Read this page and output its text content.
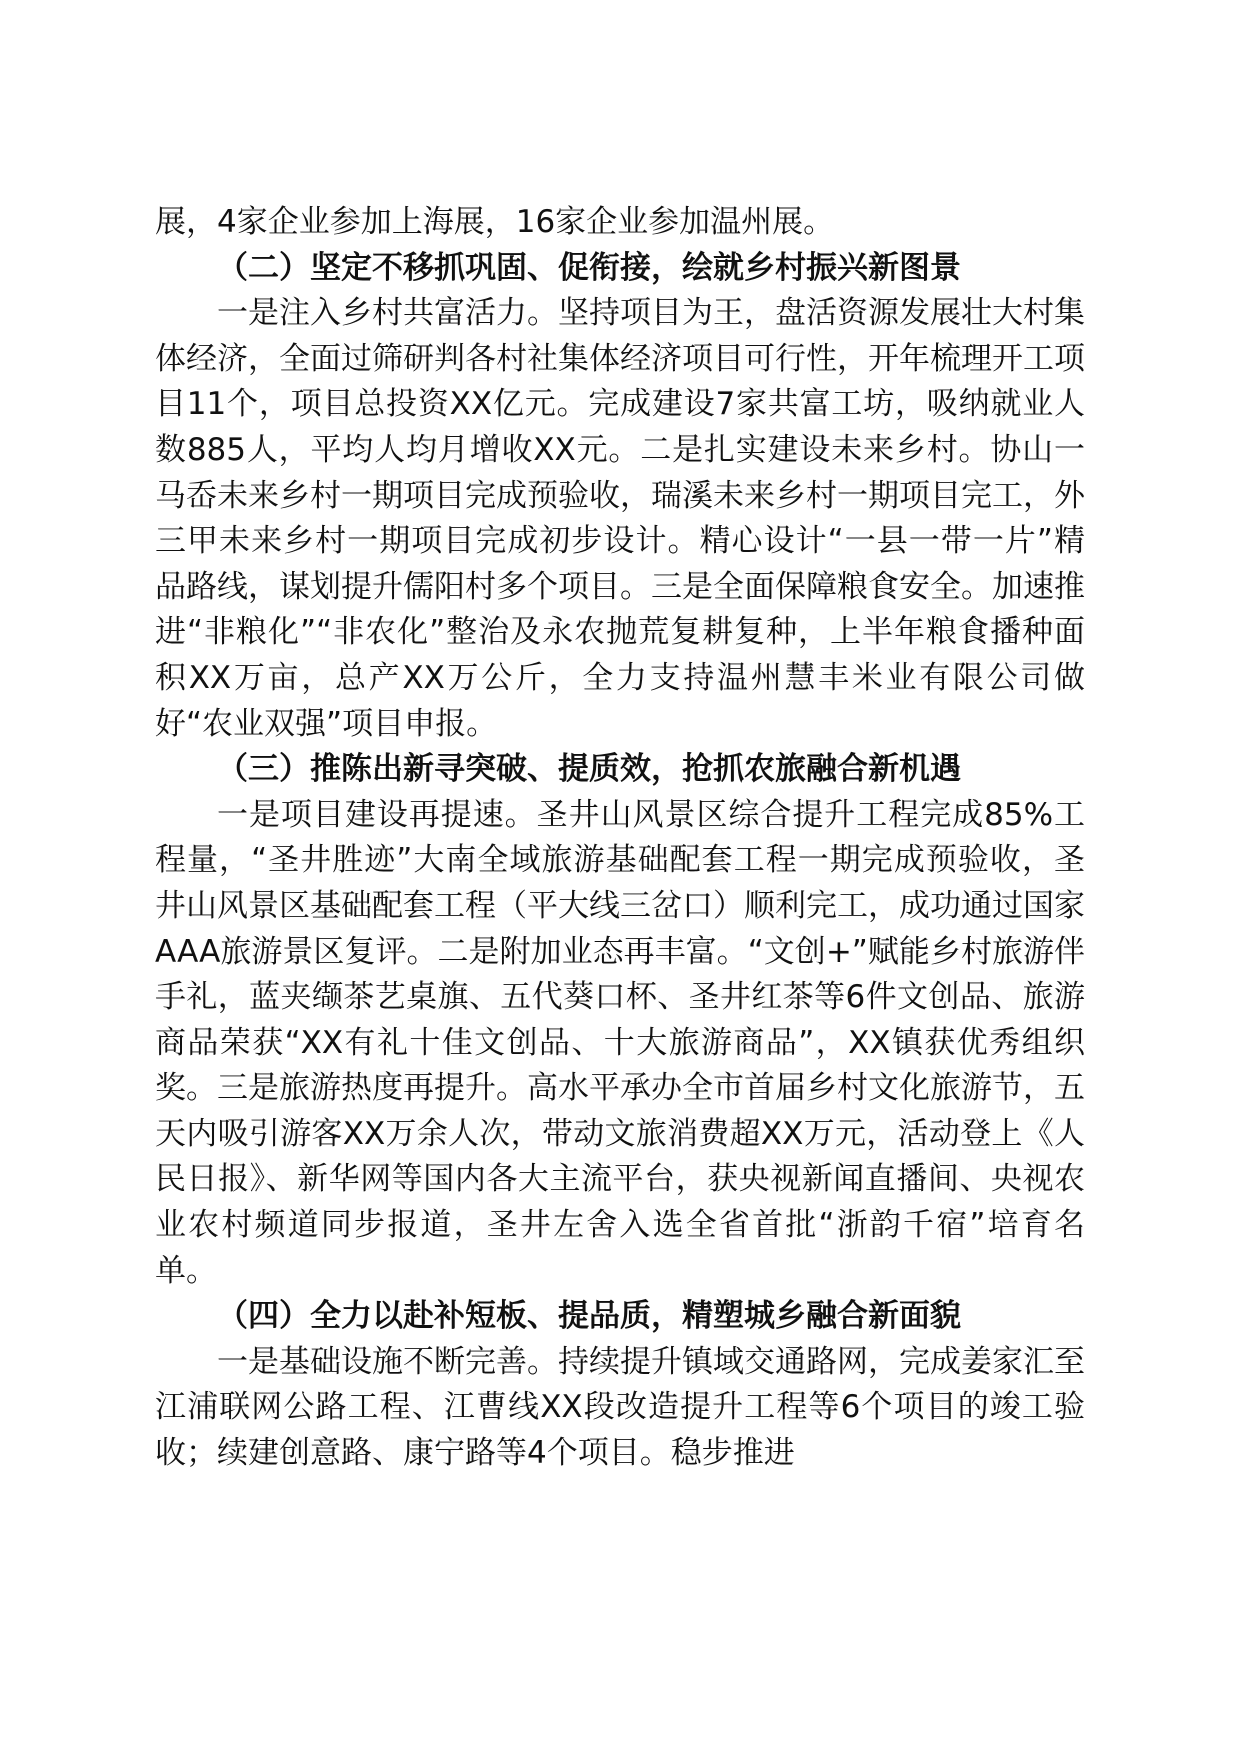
展，4家企业参加上海展，16家企业参加温州展。

（二）坚定不移抓巩固、促衔接，绘就乡村振兴新图景

一是注入乡村共富活力。坚持项目为王，盘活资源发展壮大村集体经济，全面过筛研判各村社集体经济项目可行性，开年梳理开工项目11个，项目总投资XX亿元。完成建设7家共富工坊，吸纳就业人数885人，平均人均月增收XX元。二是扎实建设未来乡村。协山一马岙未来乡村一期项目完成预验收，瑞溪未来乡村一期项目完工，外三甲未来乡村一期项目完成初步设计。精心设计“一县一带一片”精品路线，谋划提升儒阳村多个项目。三是全面保障粮食安全。加速推进“非粮化”“非农化”整治及永农抛荒复耕复种，上半年粮食播种面积XX万亩，总产XX万公斤，全力支持温州慧丰米业有限公司做好“农业双强”项目申报。

（三）推陈出新寻突破、提质效，抢抓农旅融合新机遇

一是项目建设再提速。圣井山风景区综合提升工程完成85%工程量，“圣井胜迹”大南全域旅游基础配套工程一期完成预验收，圣井山风景区基础配套工程（平大线三岔口）顺利完工，成功通过国家AAA旅游景区复评。二是附加业态再丰富。“文创+”赋能乡村旅游伴手礼，蓝夹缬茶艺桌旗、五代葵口杯、圣井红茶等6件文创品、旅游商品荣获“XX有礼十佳文创品、十大旅游商品”，XX镇获优秀组织奖。三是旅游热度再提升。高水平承办全市首届乡村文化旅游节，五天内吸引游客XX万余人次，带动文旅消费超XX万元，活动登上《人民日报》、新华网等国内各大主流平台，获央视新闻直播间、央视农业农村频道同步报道，圣井左舍入选全省首批“浙韵千宿”培育名单。

（四）全力以赴补短板、提品质，精塑城乡融合新面貌

一是基础设施不断完善。持续提升镇域交通路网，完成姜家汇至江浦联网公路工程、江曹线XX段改造提升工程等6个项目的竣工验收；续建创意路、康宁路等4个项目。稳步推进
